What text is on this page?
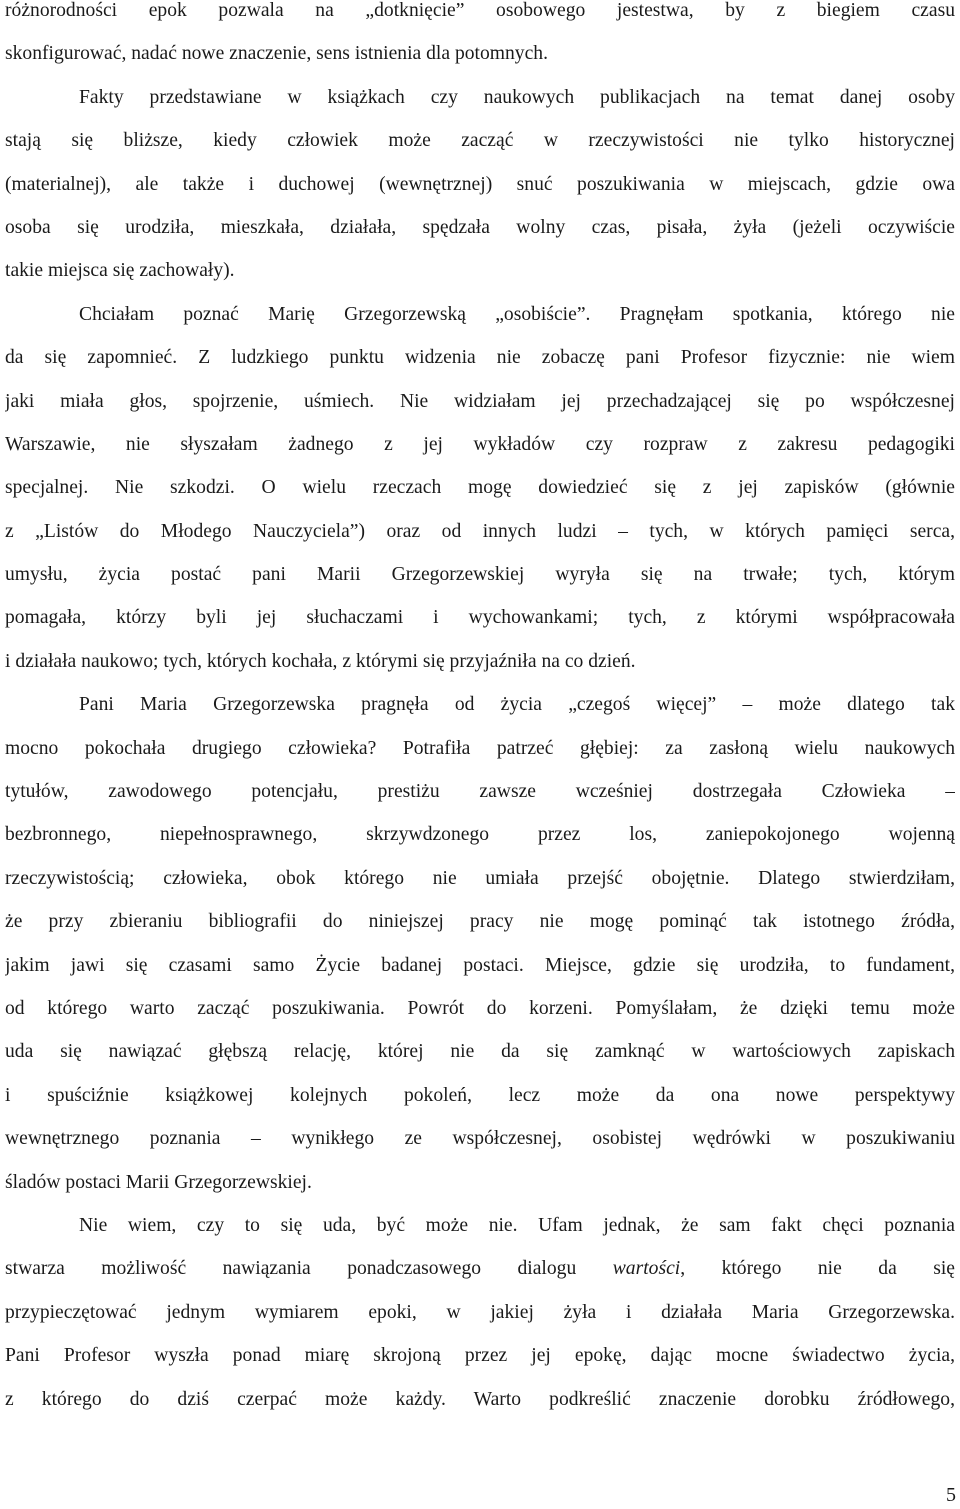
różnorodności epok pozwala na „dotknięcie” osobowego jestestwa, by z biegiem czasu
skonfigurować, nadać nowe znaczenie, sens istnienia dla potomnych.
Fakty przedstawiane w książkach czy naukowych publikacjach na temat danej osoby
stają się bliższe, kiedy człowiek może zacząć w rzeczywistości nie tylko historycznej
(materialnej), ale także i duchowej (wewnętrznej) snuć poszukiwania w miejscach, gdzie owa
osoba się urodziła, mieszkała, działała, spędzała wolny czas, pisała, żyła (jeżeli oczywiście
takie miejsca się zachowały).
Chciałam poznać Marię Grzegorzewską „osobiście”. Pragnęłam spotkania, którego nie
da się zapomnieć. Z ludzkiego punktu widzenia nie zobaczę pani Profesor fizycznie: nie wiem
jaki miała głos, spojrzenie, uśmiech. Nie widziałam jej przechadzającej się po współczesnej
Warszawie, nie słyszałam żadnego z jej wykładów czy rozpraw z zakresu pedagogiki
specjalnej. Nie szkodzi. O wielu rzeczach mogę dowiedzieć się z jej zapisków (głównie
z „Listów do Młodego Nauczyciela”) oraz od innych ludzi – tych, w których pamięci serca,
umysłu, życia postać pani Marii Grzegorzewskiej wyryła się na trwałe; tych, którym
pomagała, którzy byli jej słuchaczami i wychowankami; tych, z którymi współpracowała
i działała naukowo; tych, których kochała, z którymi się przyjaźniła na co dzień.
Pani Maria Grzegorzewska pragnęła od życia „czegoś więcej” – może dlatego tak
mocno pokochała drugiego człowieka? Potrafiła patrzeć głębiej: za zasłoną wielu naukowych
tytułów, zawodowego potencjału, prestiżu zawsze wcześniej dostrzegała Człowieka –
bezbronnego, niepełnosprawnego, skrzywdzonego przez los, zaniepokojonego wojenną
rzeczywistością; człowieka, obok którego nie umiała przejść obojętnie. Dlatego stwierdziłam,
że przy zbieraniu bibliografii do niniejszej pracy nie mogę pominąć tak istotnego źródła,
jakim jawi się czasami samo Życie badanej postaci. Miejsce, gdzie się urodziła, to fundament,
od którego warto zacząć poszukiwania. Powrót do korzeni. Pomyślałam, że dzięki temu może
uda się nawiązać głębszą relację, której nie da się zamknąć w wartościowych zapiskach
i spuściźnie książkowej kolejnych pokoleń, lecz może da ona nowe perspektywy
wewnętrznego poznania – wynikłego ze współczesnej, osobistej wędrówki w poszukiwaniu
śladów postaci Marii Grzegorzewskiej.
Nie wiem, czy to się uda, być może nie. Ufam jednak, że sam fakt chęci poznania
stwarza możliwość nawiązania ponadczasowego dialogu wartości, którego nie da się
przypieczętować jednym wymiarem epoki, w jakiej żyła i działała Maria Grzegorzewska.
Pani Profesor wyszła ponad miarę skrojoną przez jej epokę, dając mocne świadectwo życia,
z którego do dziś czerpać może każdy. Warto podkreślić znaczenie dorobku źródłowego,
5
